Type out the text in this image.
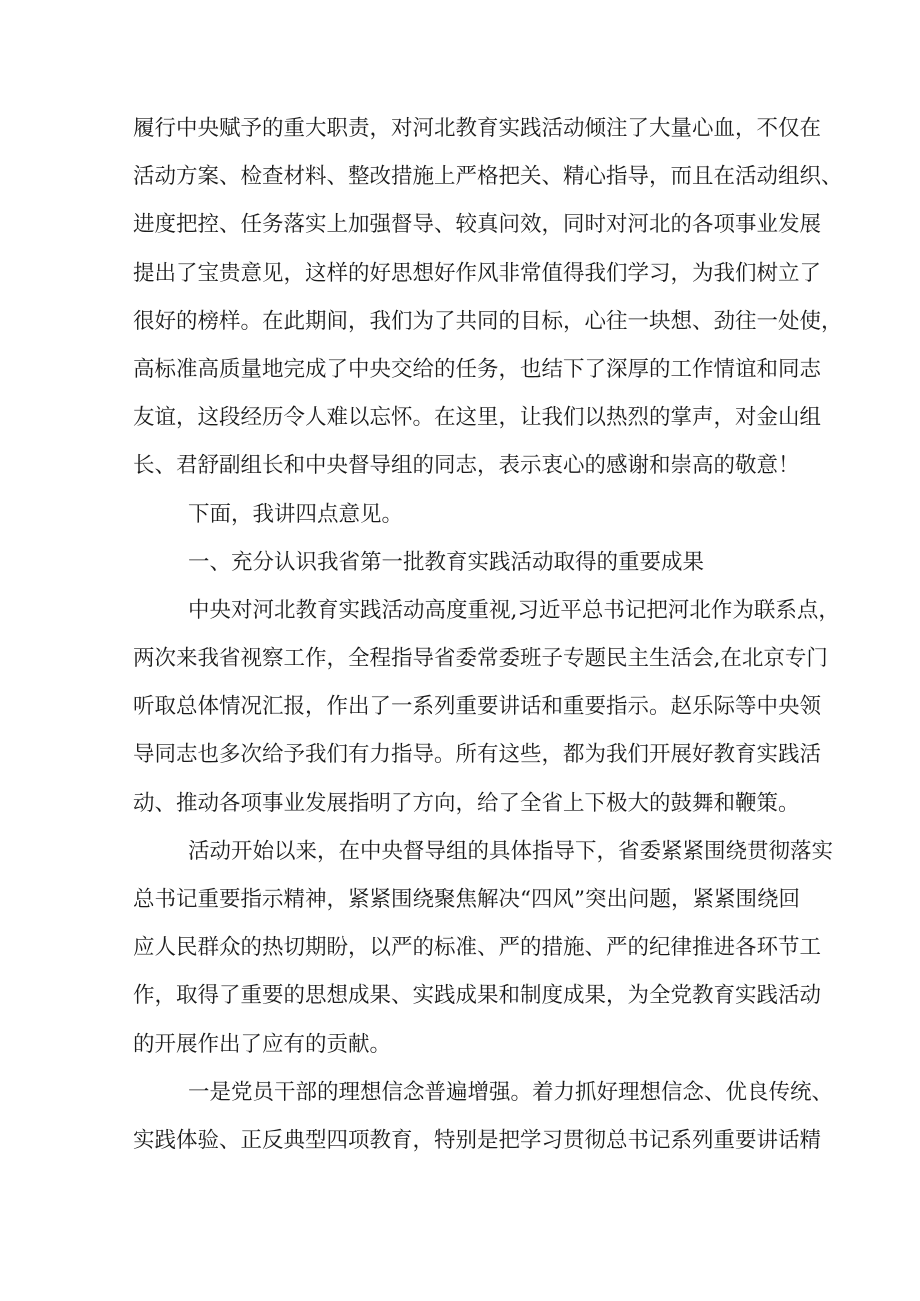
履行中央赋予的重大职责，对河北教育实践活动倾注了大量心血，不仅在
活动方案、检查材料、整改措施上严格把关、精心指导，而且在活动组织、
进度把控、任务落实上加强督导、较真问效，同时对河北的各项事业发展
提出了宝贵意见，这样的好思想好作风非常值得我们学习，为我们树立了
很好的榜样。在此期间，我们为了共同的目标，心往一块想、劲往一处使，
高标准高质量地完成了中央交给的任务，也结下了深厚的工作情谊和同志
友谊，这段经历令人难以忘怀。在这里，让我们以热烈的掌声，对金山组
长、君舒副组长和中央督导组的同志，表示衷心的感谢和崇高的敬意！
下面，我讲四点意见。
一、充分认识我省第一批教育实践活动取得的重要成果
中央对河北教育实践活动高度重视,习近平总书记把河北作为联系点，
两次来我省视察工作，全程指导省委常委班子专题民主生活会,在北京专门
听取总体情况汇报，作出了一系列重要讲话和重要指示。赵乐际等中央领
导同志也多次给予我们有力指导。所有这些，都为我们开展好教育实践活
动、推动各项事业发展指明了方向，给了全省上下极大的鼓舞和鞭策。
活动开始以来，在中央督导组的具体指导下，省委紧紧围绕贯彻落实
总书记重要指示精神，紧紧围绕聚焦解决“四风”突出问题，紧紧围绕回
应人民群众的热切期盼，以严的标准、严的措施、严的纪律推进各环节工
作，取得了重要的思想成果、实践成果和制度成果，为全党教育实践活动
的开展作出了应有的贡献。
一是党员干部的理想信念普遍增强。着力抓好理想信念、优良传统、
实践体验、正反典型四项教育，特别是把学习贯彻总书记系列重要讲话精
